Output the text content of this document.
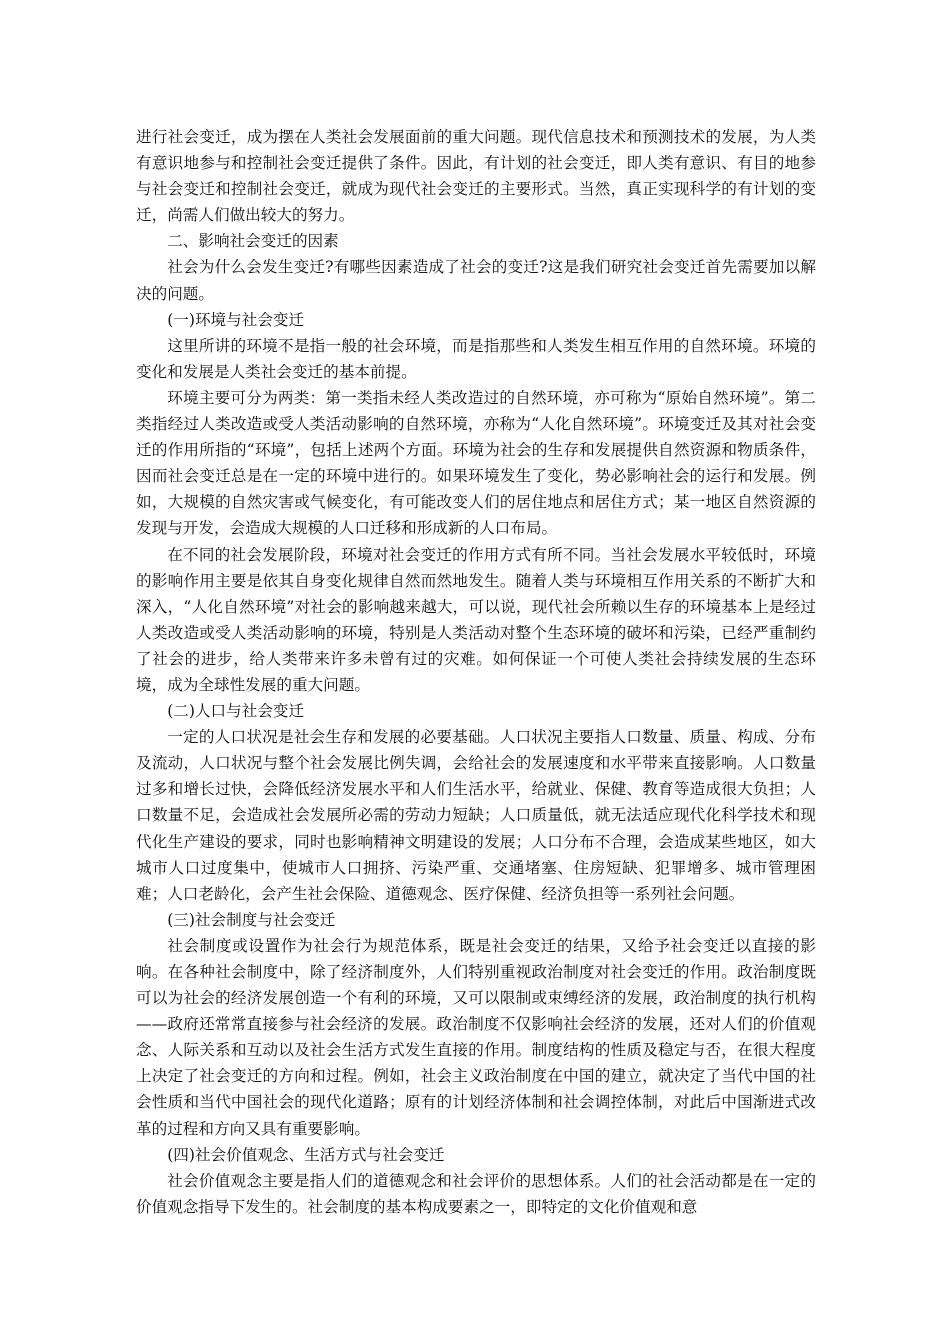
进行社会变迁，成为摆在人类社会发展面前的重大问题。现代信息技术和预测技术的发展，为人类有意识地参与和控制社会变迁提供了条件。因此，有计划的社会变迁，即人类有意识、有目的地参与社会变迁和控制社会变迁，就成为现代社会变迁的主要形式。当然，真正实现科学的有计划的变迁，尚需人们做出较大的努力。

二、影响社会变迁的因素

社会为什么会发生变迁?有哪些因素造成了社会的变迁?这是我们研究社会变迁首先需要加以解决的问题。

(一)环境与社会变迁

这里所讲的环境不是指一般的社会环境，而是指那些和人类发生相互作用的自然环境。环境的变化和发展是人类社会变迁的基本前提。

环境主要可分为两类：第一类指未经人类改造过的自然环境，亦可称为“原始自然环境”。第二类指经过人类改造或受人类活动影响的自然环境，亦称为“人化自然环境”。环境变迁及其对社会变迁的作用所指的“环境”，包括上述两个方面。环境为社会的生存和发展提供自然资源和物质条件，因而社会变迁总是在一定的环境中进行的。如果环境发生了变化，势必影响社会的运行和发展。例如，大规模的自然灾害或气候变化，有可能改变人们的居住地点和居住方式；某一地区自然资源的发现与开发，会造成大规模的人口迁移和形成新的人口布局。

在不同的社会发展阶段，环境对社会变迁的作用方式有所不同。当社会发展水平较低时，环境的影响作用主要是依其自身变化规律自然而然地发生。随着人类与环境相互作用关系的不断扩大和深入，“人化自然环境”对社会的影响越来越大，可以说，现代社会所赖以生存的环境基本上是经过人类改造或受人类活动影响的环境，特别是人类活动对整个生态环境的破坏和污染，已经严重制约了社会的进步，给人类带来许多未曾有过的灾难。如何保证一个可使人类社会持续发展的生态环境，成为全球性发展的重大问题。

(二)人口与社会变迁

一定的人口状况是社会生存和发展的必要基础。人口状况主要指人口数量、质量、构成、分布及流动，人口状况与整个社会发展比例失调，会给社会的发展速度和水平带来直接影响。人口数量过多和增长过快，会降低经济发展水平和人们生活水平，给就业、保健、教育等造成很大负担；人口数量不足，会造成社会发展所必需的劳动力短缺；人口质量低，就无法适应现代化科学技术和现代化生产建设的要求，同时也影响精神文明建设的发展；人口分布不合理，会造成某些地区，如大城市人口过度集中，使城市人口拥挤、污染严重、交通堵塞、住房短缺、犯罪增多、城市管理困难；人口老龄化，会产生社会保险、道德观念、医疗保健、经济负担等一系列社会问题。

(三)社会制度与社会变迁

社会制度或设置作为社会行为规范体系，既是社会变迁的结果，又给予社会变迁以直接的影响。在各种社会制度中，除了经济制度外，人们特别重视政治制度对社会变迁的作用。政治制度既可以为社会的经济发展创造一个有利的环境，又可以限制或束缚经济的发展，政治制度的执行机构——政府还常常直接参与社会经济的发展。政治制度不仅影响社会经济的发展，还对人们的价值观念、人际关系和互动以及社会生活方式发生直接的作用。制度结构的性质及稳定与否，在很大程度上决定了社会变迁的方向和过程。例如，社会主义政治制度在中国的建立，就决定了当代中国的社会性质和当代中国社会的现代化道路；原有的计划经济体制和社会调控体制，对此后中国渐进式改革的过程和方向又具有重要影响。

(四)社会价值观念、生活方式与社会变迁

社会价值观念主要是指人们的道德观念和社会评价的思想体系。人们的社会活动都是在一定的价值观念指导下发生的。社会制度的基本构成要素之一，即特定的文化价值观和意
